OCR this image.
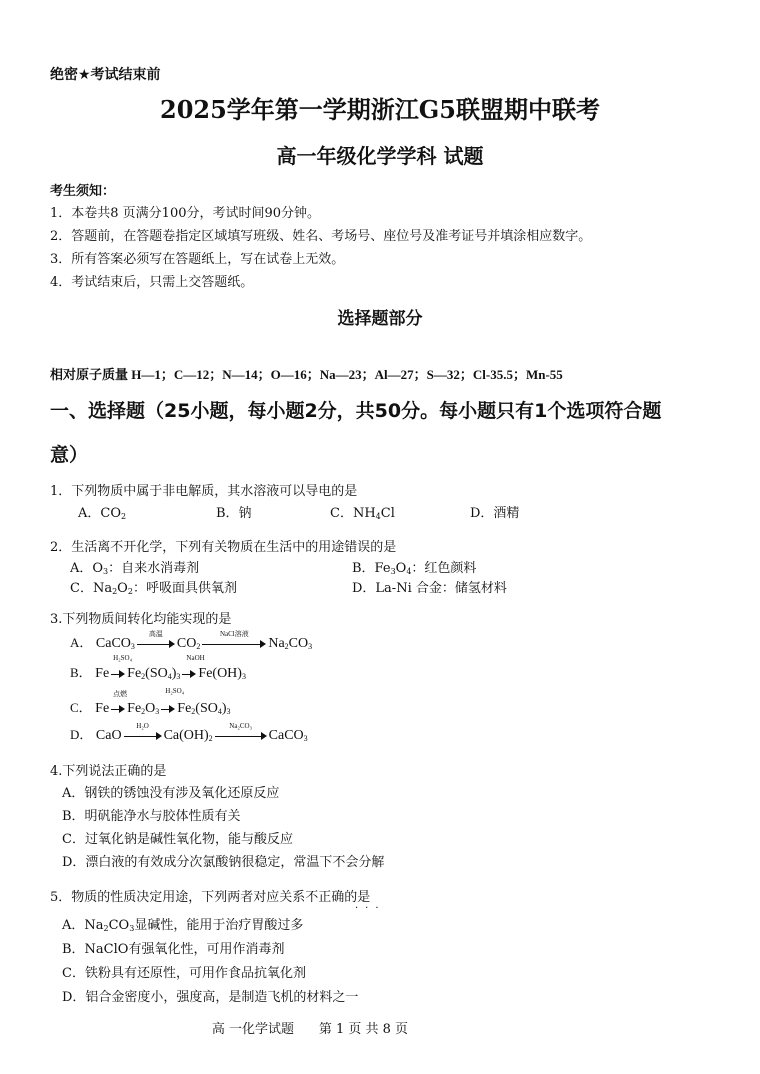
绝密★考试结束前
2025学年第一学期浙江G5联盟期中联考
高一年级化学学科 试题
考生须知：
1．本卷共8 页满分100分，考试时间90分钟。
2．答题前，在答题卷指定区域填写班级、姓名、考场号、座位号及准考证号并填涂相应数字。
3．所有答案必须写在答题纸上，写在试卷上无效。
4．考试结束后，只需上交答题纸。
选择题部分
相对原子质量 H—1；C—12；N—14；O—16；Na—23；Al—27；S—32；Cl-35.5；Mn-55
一、选择题（25小题，每小题2分，共50分。每小题只有1个选项符合题
意）
1．下列物质中属于非电解质，其水溶液可以导电的是
A．$CO_2$	B．钠	C．$NH_4Cl$	D．酒精
2．生活离不开化学，下列有关物质在生活中的用途错误的是
A．$O_3$：自来水消毒剂	B．$Fe_3O_4$：红色颜料
C．$Na_2O_2$：呼吸面具供氧剂	D．La-Ni 合金：储氢材料
3.下列物质间转化均能实现的是
A． CaCO$_3$
高温
$CO_2$
NaCl溶液
$Na_2CO_3$
B． Fe
H₂SO₄
$Fe_2(SO_4)_3$
NaOH
$Fe(OH)_3$
C． Fe
点燃
$Fe_2O_3$
H₂SO₄
$Fe_2(SO_4)_3$
D． CaO
H₂O
$Ca(OH)_2$
Na₂CO₃
CaCO$_3$
4.下列说法正确的是
A．钢铁的锈蚀没有涉及氧化还原反应
B．明矾能净水与胶体性质有关
C．过氧化钠是碱性氧化物，能与酸反应
D．漂白液的有效成分次氯酸钠很稳定，常温下不会分解
5．物质的性质决定用途，下列两者对应关系不正确的是
···
A．$Na_2CO_3$显碱性，能用于治疗胃酸过多
B．NaClO有强氧化性，可用作消毒剂
C．铁粉具有还原性，可用作食品抗氧化剂
D．铝合金密度小，强度高，是制造飞机的材料之一
高 一化学试题      第 1 页 共 8 页
